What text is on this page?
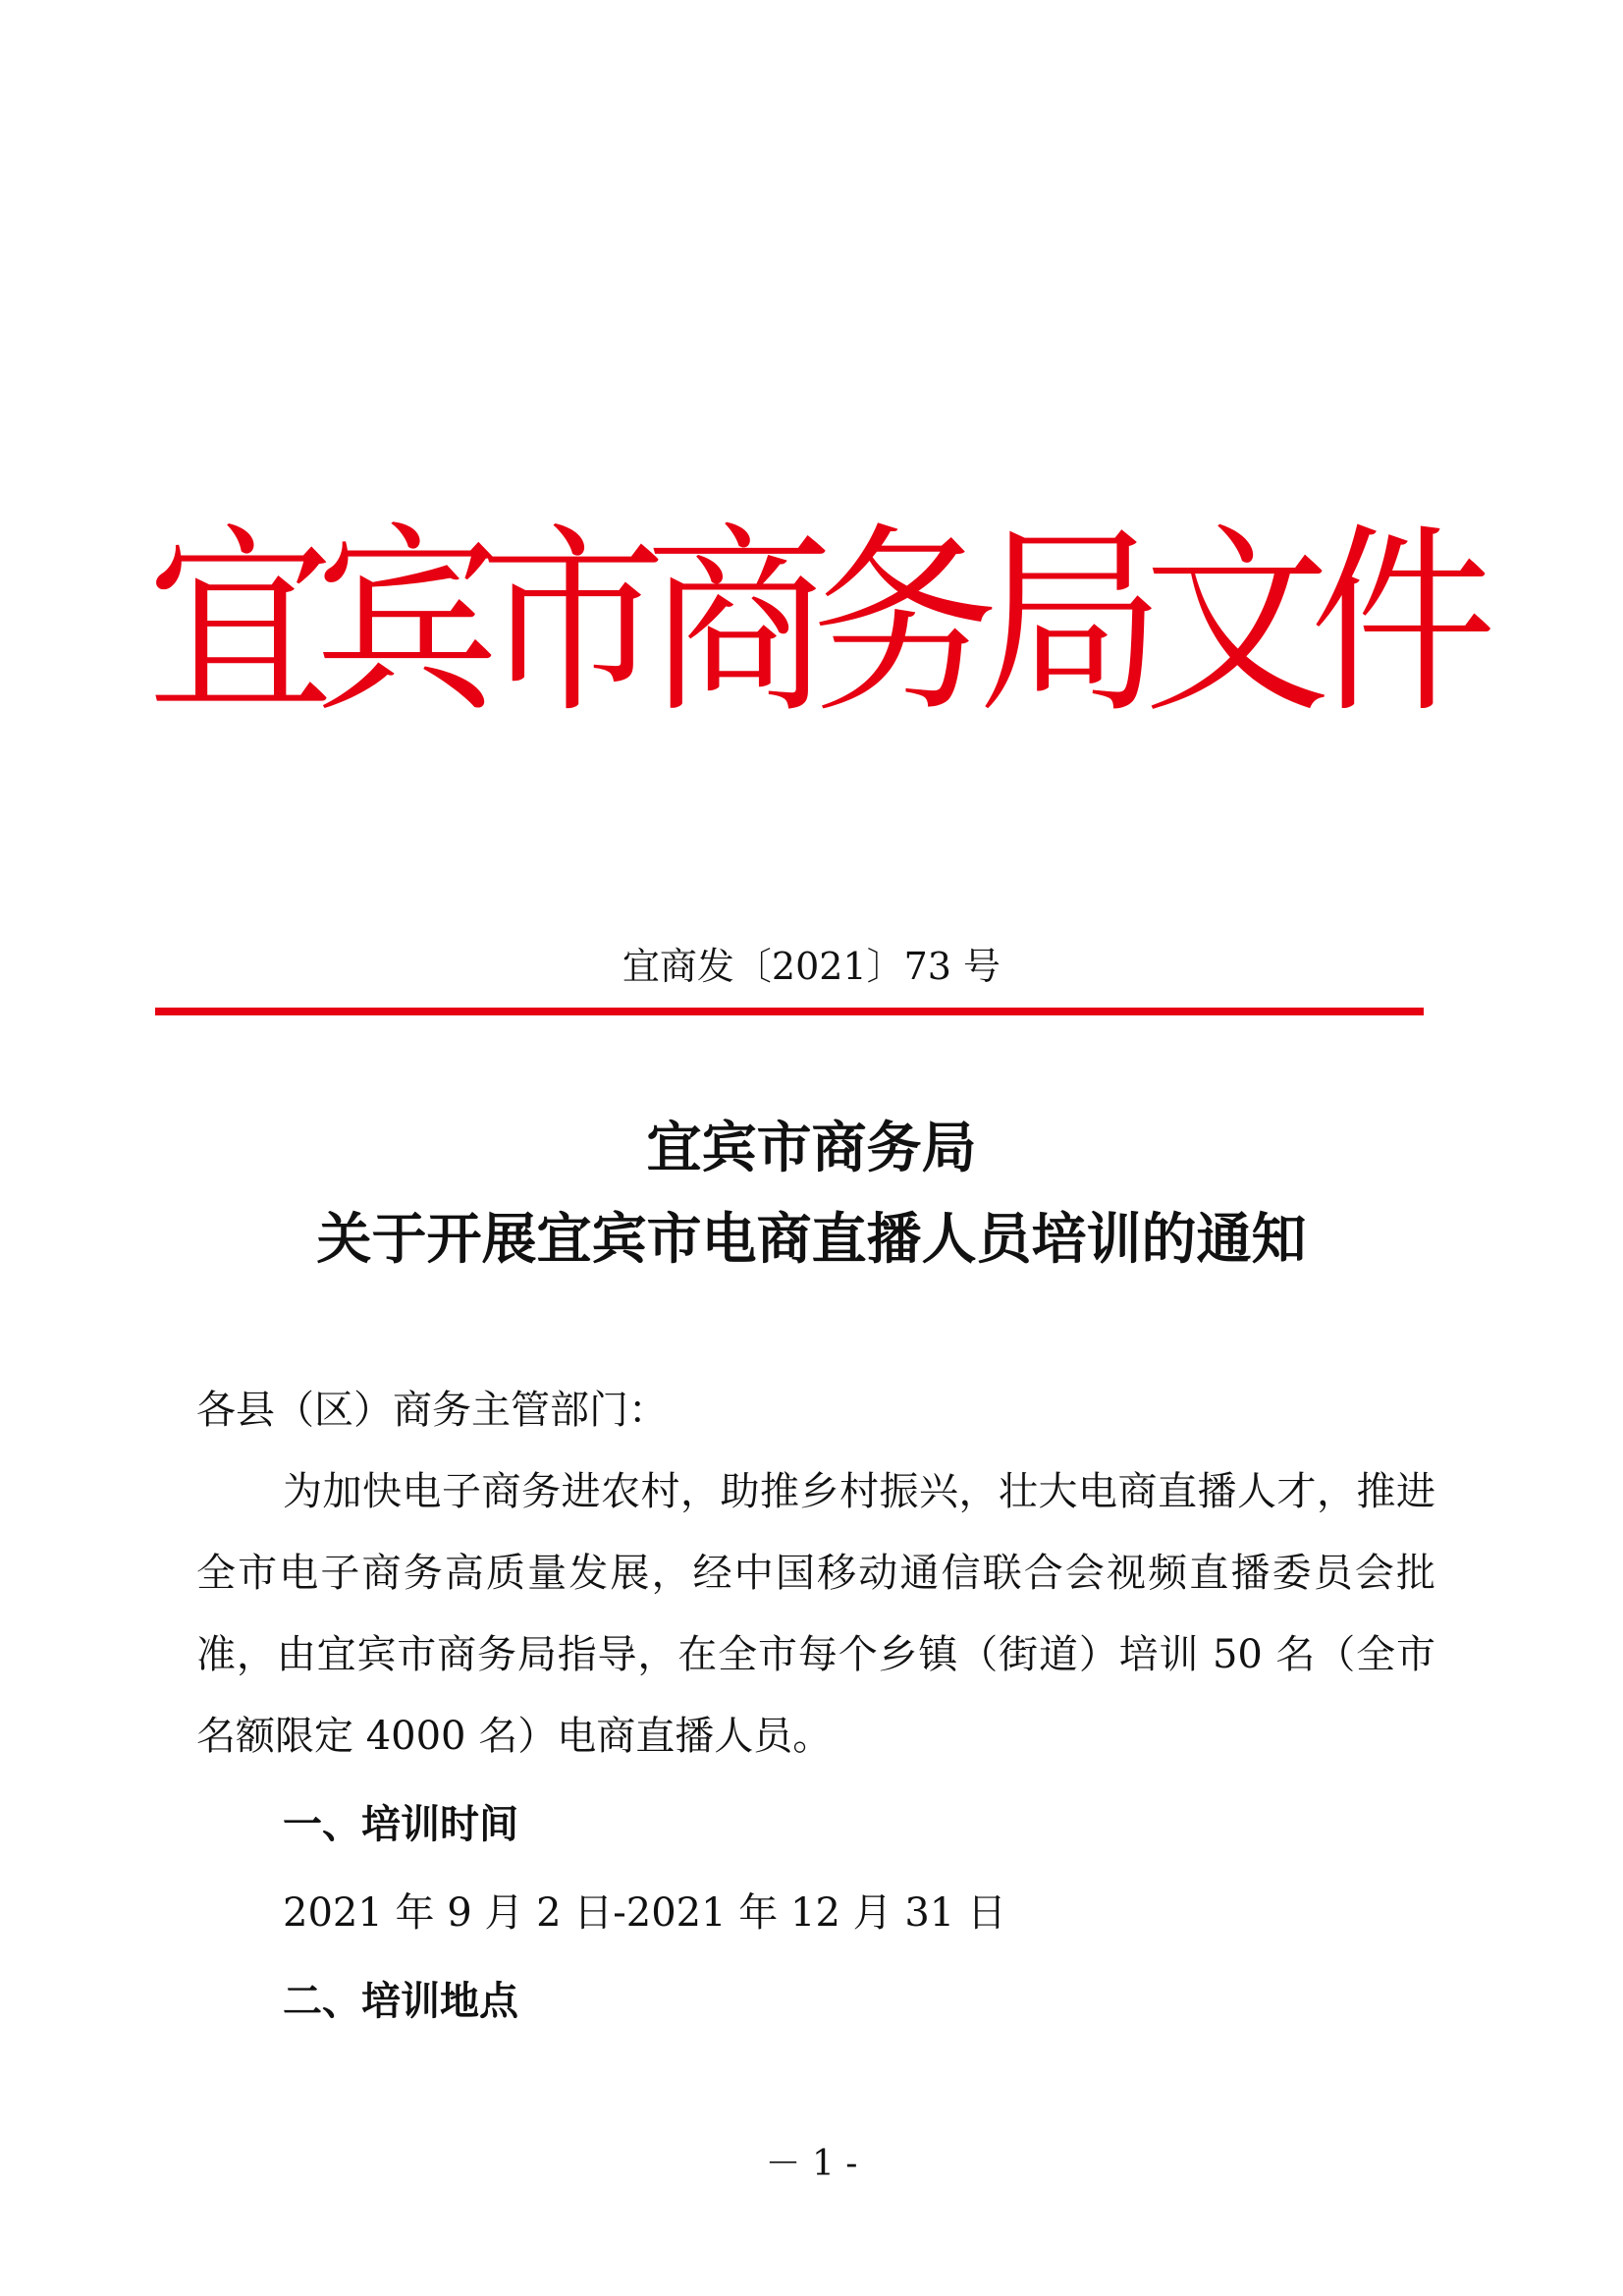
宜
宾
市
商
务
局
文
件
宜商发〔2021〕73 号
宜宾市商务局
关于开展宜宾市电商直播人员培训的通知
各县（区）商务主管部门：
为加快电子商务进农村，助推乡村振兴，壮大电商直播人才，推进全市电子商务高质量发展，经中国移动通信联合会视频直播委员会批准，由宜宾市商务局指导，在全市每个乡镇（街道）培训 50 名（全市名额限定 4000 名）电商直播人员。
一、培训时间
2021 年 9 月 2 日-2021 年 12 月 31 日
二、培训地点
－ 1 -
